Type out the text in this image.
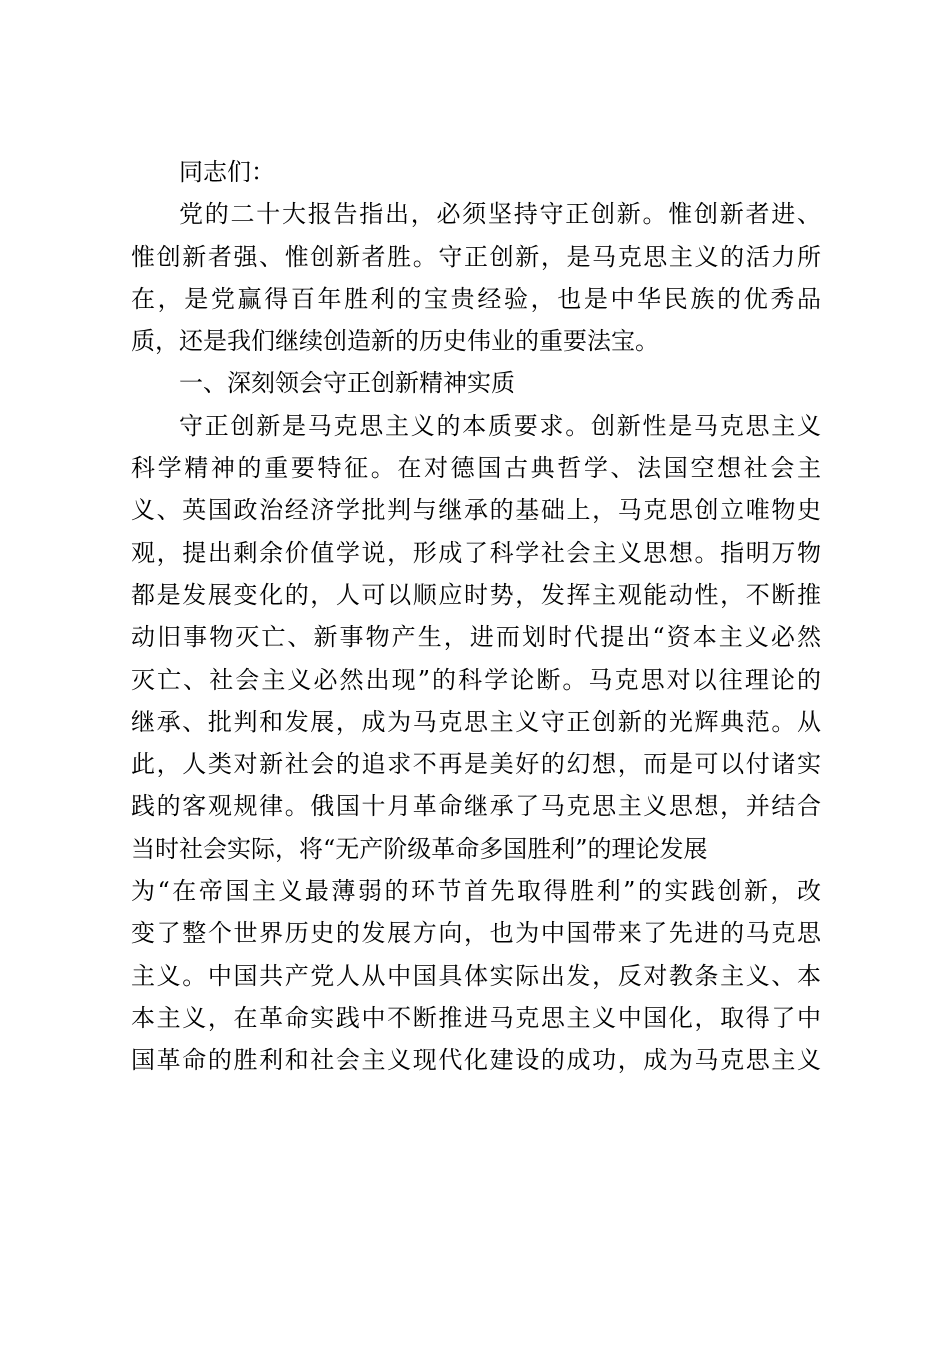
同志们：
党的二十大报告指出，必须坚持守正创新。惟创新者进、
惟创新者强、惟创新者胜。守正创新，是马克思主义的活力所
在，是党赢得百年胜利的宝贵经验，也是中华民族的优秀品
质，还是我们继续创造新的历史伟业的重要法宝。
一、深刻领会守正创新精神实质
守正创新是马克思主义的本质要求。创新性是马克思主义
科学精神的重要特征。在对德国古典哲学、法国空想社会主
义、英国政治经济学批判与继承的基础上，马克思创立唯物史
观，提出剩余价值学说，形成了科学社会主义思想。指明万物
都是发展变化的，人可以顺应时势，发挥主观能动性，不断推
动旧事物灭亡、新事物产生，进而划时代提出“资本主义必然
灭亡、社会主义必然出现”的科学论断。马克思对以往理论的
继承、批判和发展，成为马克思主义守正创新的光辉典范。从
此，人类对新社会的追求不再是美好的幻想，而是可以付诸实
践的客观规律。俄国十月革命继承了马克思主义思想，并结合
当时社会实际，将“无产阶级革命多国胜利”的理论发展
为“在帝国主义最薄弱的环节首先取得胜利”的实践创新，改
变了整个世界历史的发展方向，也为中国带来了先进的马克思
主义。中国共产党人从中国具体实际出发，反对教条主义、本
本主义，在革命实践中不断推进马克思主义中国化，取得了中
国革命的胜利和社会主义现代化建设的成功，成为马克思主义
